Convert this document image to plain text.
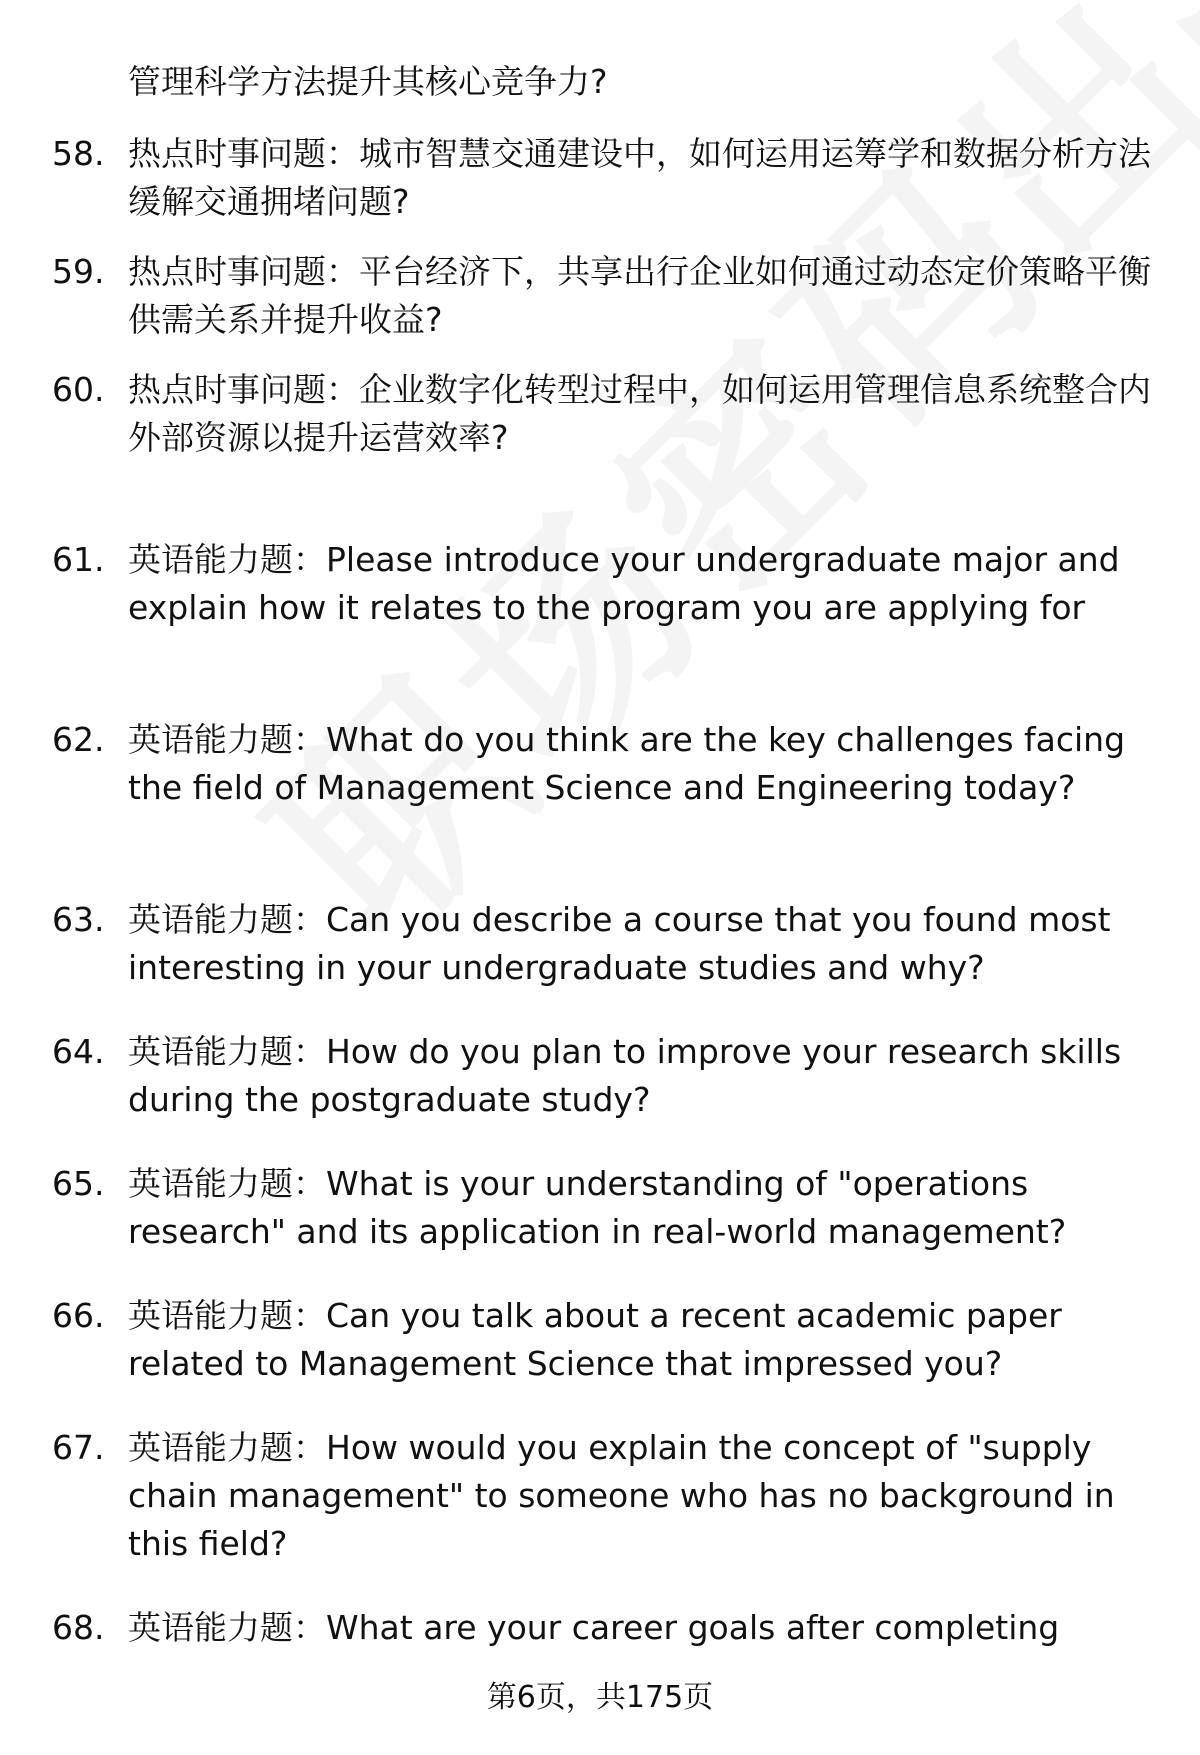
管理科学方法提升其核心竞争力?
58. 热点时事问题：城市智慧交通建设中，如何运用运筹学和数据分析方法缓解交通拥堵问题?
59. 热点时事问题：平台经济下，共享出行企业如何通过动态定价策略平衡供需关系并提升收益?
60. 热点时事问题：企业数字化转型过程中，如何运用管理信息系统整合内外部资源以提升运营效率?
61. 英语能力题：Please introduce your undergraduate major and explain how it relates to the program you are applying for
62. 英语能力题：What do you think are the key challenges facing the field of Management Science and Engineering today?
63. 英语能力题：Can you describe a course that you found most interesting in your undergraduate studies and why?
64. 英语能力题：How do you plan to improve your research skills during the postgraduate study?
65. 英语能力题：What is your understanding of "operations research" and its application in real-world management?
66. 英语能力题：Can you talk about a recent academic paper related to Management Science that impressed you?
67. 英语能力题：How would you explain the concept of "supply chain management" to someone who has no background in this field?
68. 英语能力题：What are your career goals after completing
第6页，共175页
